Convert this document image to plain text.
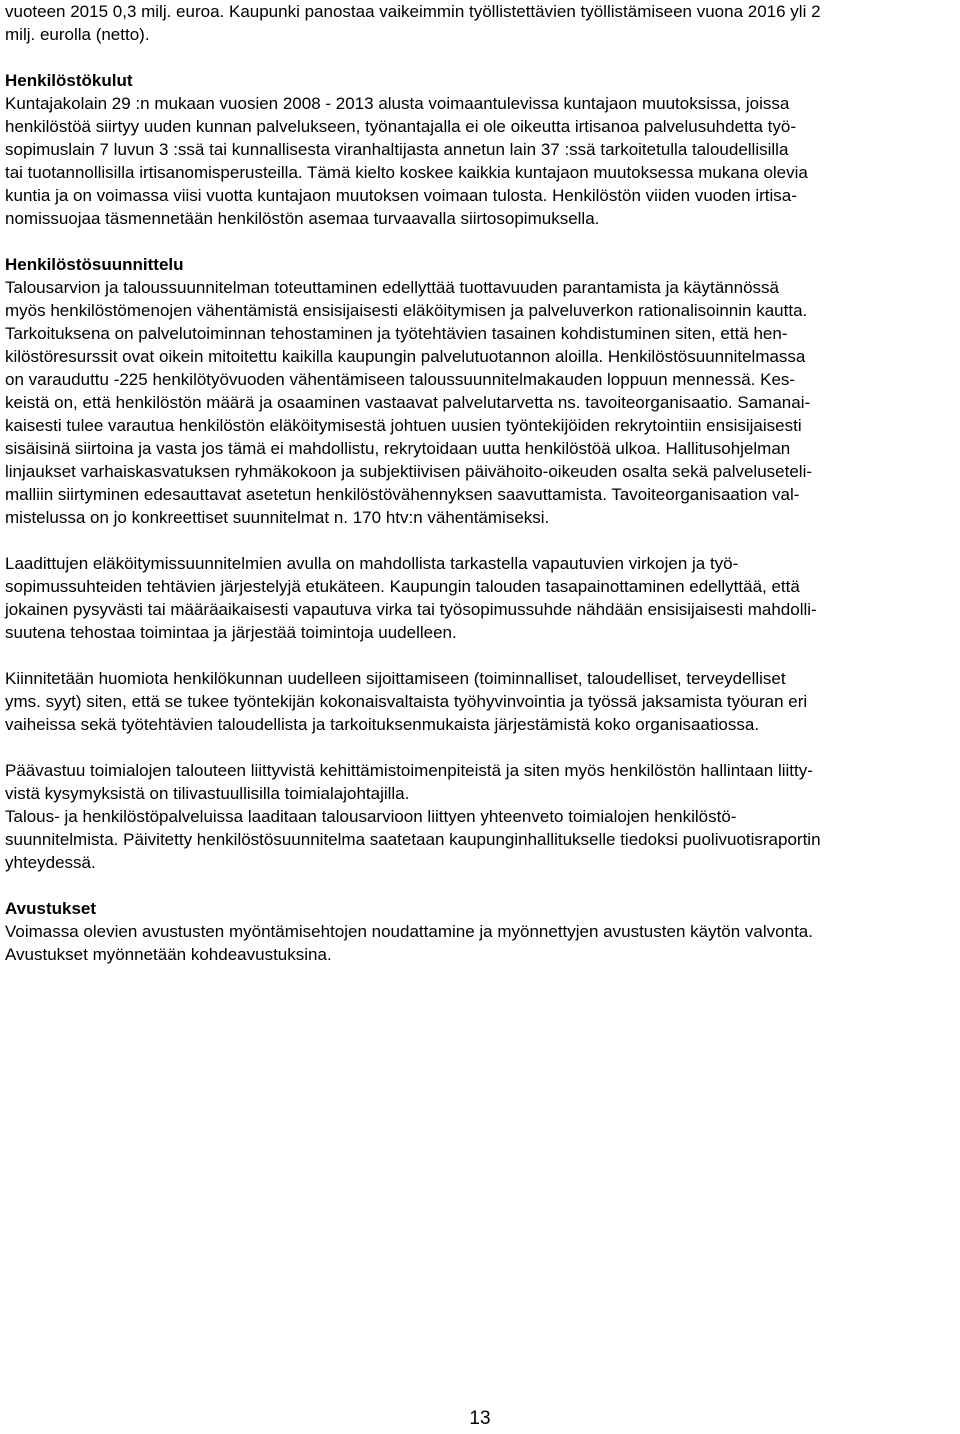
vuoteen 2015 0,3 milj. euroa. Kaupunki panostaa vaikeimmin työllistettävien työllistämiseen vuona 2016 yli 2
milj. eurolla (netto).
Henkilöstökulut
Kuntajakolain 29 :n mukaan vuosien 2008 - 2013 alusta voimaantulevissa kuntajaon muutoksissa, joissa
henkilöstöä siirtyy uuden kunnan palvelukseen, työnantajalla ei ole oikeutta irtisanoa palvelusuhdetta työ-
sopimuslain 7 luvun 3 :ssä tai kunnallisesta viranhaltijasta annetun lain 37 :ssä tarkoitetulla taloudellisilla
tai tuotannollisilla irtisanomisperusteilla. Tämä kielto koskee kaikkia kuntajaon muutoksessa mukana olevia
kuntia ja on voimassa viisi vuotta kuntajaon muutoksen voimaan tulosta. Henkilöstön viiden vuoden irtisa-
nomissuojaa täsmennetään henkilöstön asemaa turvaavalla siirtosopimuksella.
Henkilöstösuunnittelu
Talousarvion ja taloussuunnitelman toteuttaminen edellyttää tuottavuuden parantamista ja käytännössä
myös henkilöstömenojen vähentämistä ensisijaisesti eläköitymisen ja palveluverkon rationalisoinnin kautta.
Tarkoituksena on palvelutoiminnan tehostaminen ja työtehtävien tasainen kohdistuminen siten, että hen-
kilöstöresurssit ovat oikein mitoitettu kaikilla kaupungin palvelutuotannon aloilla. Henkilöstösuunnitelmassa
on varauduttu -225 henkilötyövuoden vähentämiseen taloussuunnitelmakauden loppuun mennessä. Kes-
keistä on, että henkilöstön määrä ja osaaminen vastaavat palvelutarvetta ns. tavoiteorganisaatio. Samanai-
kaisesti tulee varautua henkilöstön eläköitymisestä johtuen uusien työntekijöiden rekrytointiin ensisijaisesti
sisäisinä siirtoina ja vasta jos tämä ei mahdollistu, rekrytoidaan uutta henkilöstöä ulkoa. Hallitusohjelman
linjaukset varhaiskasvatuksen ryhmäkokoon ja subjektiivisen päivähoito-oikeuden osalta sekä palveluseteli-
malliin siirtyminen edesauttavat asetetun henkilöstövähennyksen saavuttamista. Tavoiteorganisaation val-
mistelussa on jo konkreettiset suunnitelmat n. 170 htv:n vähentämiseksi.
Laadittujen eläköitymissuunnitelmien avulla on mahdollista tarkastella vapautuvien virkojen ja työ-
sopimussuhteiden tehtävien järjestelyjä etukäteen. Kaupungin talouden tasapainottaminen edellyttää, että
jokainen pysyvästi tai määräaikaisesti vapautuva virka tai työsopimussuhde nähdään ensisijaisesti mahdolli-
suutena tehostaa toimintaa ja järjestää toimintoja uudelleen.
Kiinnitetään huomiota henkilökunnan uudelleen sijoittamiseen (toiminnalliset, taloudelliset, terveydelliset
yms. syyt) siten, että se tukee työntekijän kokonaisvaltaista työhyvinvointia ja työssä jaksamista työuran eri
vaiheissa sekä työtehtävien taloudellista ja tarkoituksenmukaista järjestämistä koko organisaatiossa.
Päävastuu toimialojen talouteen liittyvistä kehittämistoimenpiteistä ja siten myös henkilöstön hallintaan liitty-
vistä kysymyksistä on tilivastuullisilla toimialajohtajilla.
Talous- ja henkilöstöpalveluissa laaditaan talousarvioon liittyen yhteenveto toimialojen henkilöstö-
suunnitelmista. Päivitetty henkilöstösuunnitelma saatetaan kaupunginhallitukselle tiedoksi puolivuotisraportin
yhteydessä.
Avustukset
Voimassa olevien avustusten myöntämisehtojen noudattamine ja myönnettyjen avustusten käytön valvonta.
Avustukset myönnetään kohdeavustuksina.
13
